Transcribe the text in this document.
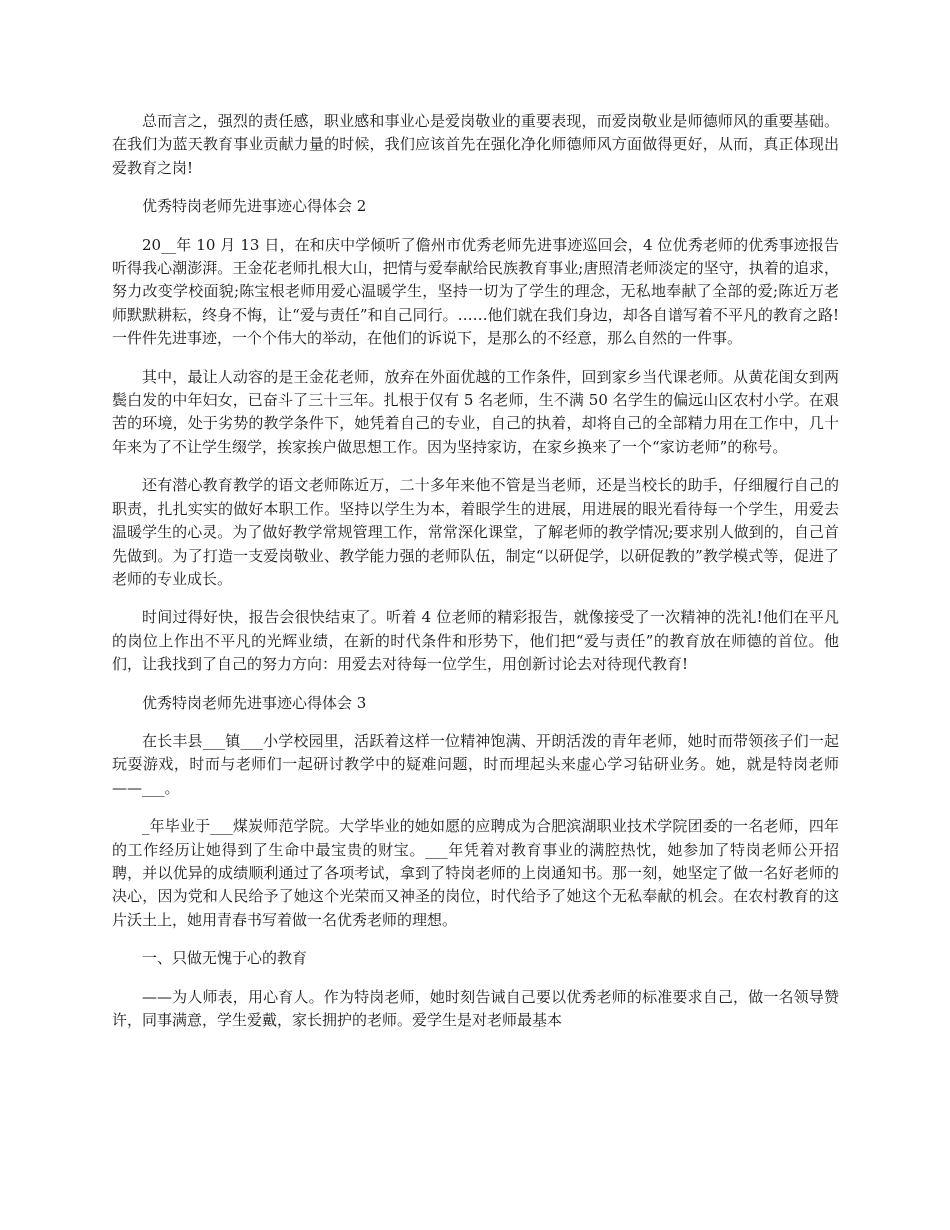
总而言之，强烈的责任感，职业感和事业心是爱岗敬业的重要表现，而爱岗敬业是师德师风的重要基础。在我们为蓝天教育事业贡献力量的时候，我们应该首先在强化净化师德师风方面做得更好，从而，真正体现出爱教育之岗!

优秀特岗老师先进事迹心得体会 2

20__年 10 月 13 日，在和庆中学倾听了儋州市优秀老师先进事迹巡回会，4 位优秀老师的优秀事迹报告听得我心潮澎湃。王金花老师扎根大山，把情与爱奉献给民族教育事业;唐照清老师淡定的坚守，执着的追求，努力改变学校面貌;陈宝根老师用爱心温暖学生，坚持一切为了学生的理念，无私地奉献了全部的爱;陈近万老师默默耕耘，终身不悔，让“爱与责任”和自己同行。……他们就在我们身边，却各自谱写着不平凡的教育之路!一件件先进事迹，一个个伟大的举动，在他们的诉说下，是那么的不经意，那么自然的一件事。

其中，最让人动容的是王金花老师，放弃在外面优越的工作条件，回到家乡当代课老师。从黄花闺女到两鬓白发的中年妇女，已奋斗了三十三年。扎根于仅有 5 名老师，生不满 50 名学生的偏远山区农村小学。在艰苦的环境，处于劣势的教学条件下，她凭着自己的专业，自己的执着，却将自己的全部精力用在工作中，几十年来为了不让学生缀学，挨家挨户做思想工作。因为坚持家访，在家乡换来了一个“家访老师”的称号。

还有潜心教育教学的语文老师陈近万，二十多年来他不管是当老师，还是当校长的助手，仔细履行自己的职责，扎扎实实的做好本职工作。坚持以学生为本，着眼学生的进展，用进展的眼光看待每一个学生，用爱去温暖学生的心灵。为了做好教学常规管理工作，常常深化课堂，了解老师的教学情况;要求别人做到的，自己首先做到。为了打造一支爱岗敬业、教学能力强的老师队伍，制定“以研促学，以研促教的”教学模式等，促进了老师的专业成长。

时间过得好快，报告会很快结束了。听着 4 位老师的精彩报告，就像接受了一次精神的洗礼!他们在平凡的岗位上作出不平凡的光辉业绩，在新的时代条件和形势下，他们把“爱与责任”的教育放在师德的首位。他们，让我找到了自己的努力方向：用爱去对待每一位学生，用创新讨论去对待现代教育!

优秀特岗老师先进事迹心得体会 3

在长丰县___镇___小学校园里，活跃着这样一位精神饱满、开朗活泼的青年老师，她时而带领孩子们一起玩耍游戏，时而与老师们一起研讨教学中的疑难问题，时而埋起头来虚心学习钻研业务。她，就是特岗老师——___。

_年毕业于___煤炭师范学院。大学毕业的她如愿的应聘成为合肥滨湖职业技术学院团委的一名老师，四年的工作经历让她得到了生命中最宝贵的财宝。___年凭着对教育事业的满腔热忱，她参加了特岗老师公开招聘，并以优异的成绩顺利通过了各项考试，拿到了特岗老师的上岗通知书。那一刻，她坚定了做一名好老师的决心，因为党和人民给予了她这个光荣而又神圣的岗位，时代给予了她这个无私奉献的机会。在农村教育的这片沃土上，她用青春书写着做一名优秀老师的理想。

一、只做无愧于心的教育

——为人师表，用心育人。作为特岗老师，她时刻告诫自己要以优秀老师的标准要求自己，做一名领导赞许，同事满意，学生爱戴，家长拥护的老师。爱学生是对老师最基本
